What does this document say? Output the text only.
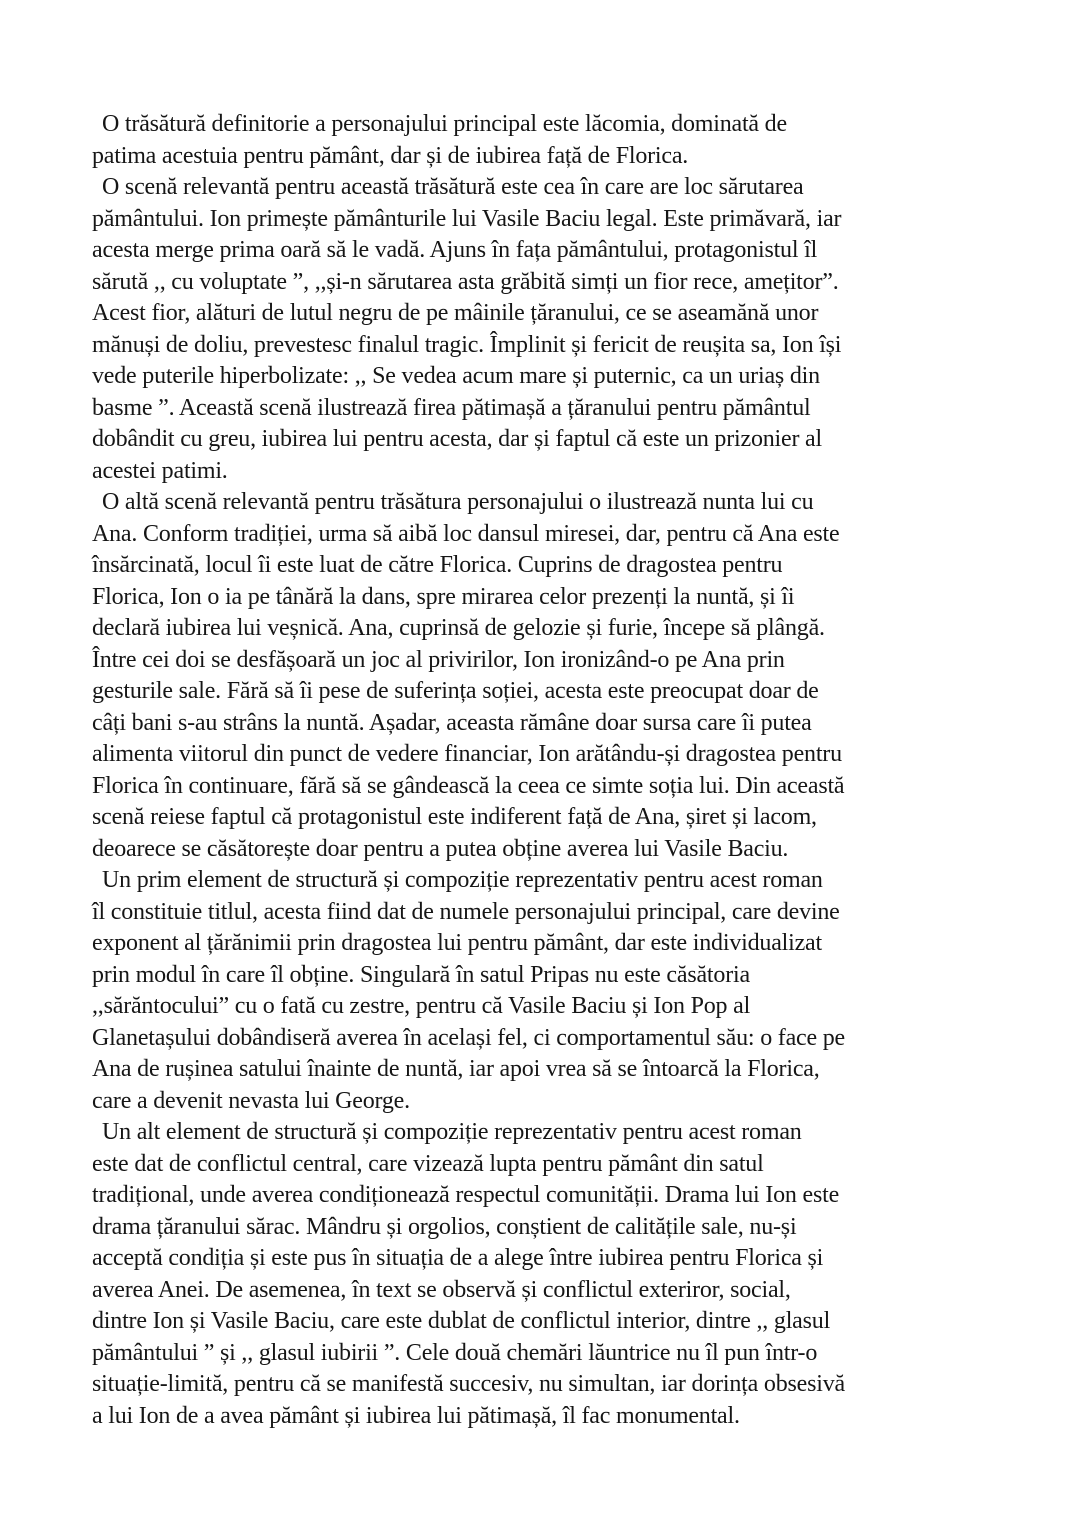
O trăsătură definitorie a personajului principal este lăcomia, dominată de
patima acestuia pentru pământ, dar și de iubirea față de Florica.

O scenă relevantă pentru această trăsătură este cea în care are loc sărutarea
pământului. Ion primește pământurile lui Vasile Baciu legal. Este primăvară, iar
acesta merge prima oară să le vadă. Ajuns în fața pământului, protagonistul îl
sărută ,, cu voluptate ”, ,,și-n sărutarea asta grăbită simți un fior rece, amețitor”.
Acest fior, alături de lutul negru de pe mâinile țăranului, ce se aseamănă unor
mănuși de doliu, prevestesc finalul tragic. Împlinit și fericit de reușita sa, Ion își
vede puterile hiperbolizate: ,, Se vedea acum mare și puternic, ca un uriaș din
basme ”. Această scenă ilustrează firea pătimașă a țăranului pentru pământul
dobândit cu greu, iubirea lui pentru acesta, dar și faptul că este un prizonier al
acestei patimi.

O altă scenă relevantă pentru trăsătura personajului o ilustrează nunta lui cu
Ana. Conform tradiției, urma să aibă loc dansul miresei, dar, pentru că Ana este
însărcinată, locul îi este luat de către Florica. Cuprins de dragostea pentru
Florica, Ion o ia pe tânără la dans, spre mirarea celor prezenți la nuntă, și îi
declară iubirea lui veșnică. Ana, cuprinsă de gelozie și furie, începe să plângă.
Între cei doi se desfășoară un joc al privirilor, Ion ironizând-o pe Ana prin
gesturile sale. Fără să îi pese de suferința soției, acesta este preocupat doar de
câți bani s-au strâns la nuntă. Așadar, aceasta rămâne doar sursa care îi putea
alimenta viitorul din punct de vedere financiar, Ion arătându-și dragostea pentru
Florica în continuare, fără să se gândească la ceea ce simte soția lui. Din această
scenă reiese faptul că protagonistul este indiferent față de Ana, șiret și lacom,
deoarece se căsătorește doar pentru a putea obține averea lui Vasile Baciu.

Un prim element de structură și compoziție reprezentativ pentru acest roman
îl constituie titlul, acesta fiind dat de numele personajului principal, care devine
exponent al țărănimii prin dragostea lui pentru pământ, dar este individualizat
prin modul în care îl obține. Singulară în satul Pripas nu este căsătoria
,,sărăntocului” cu o fată cu zestre, pentru că Vasile Baciu și Ion Pop al
Glanetașului dobândiseră averea în același fel, ci comportamentul său: o face pe
Ana de rușinea satului înainte de nuntă, iar apoi vrea să se întoarcă la Florica,
care a devenit nevasta lui George.

Un alt element de structură și compoziție reprezentativ pentru acest roman
este dat de conflictul central, care vizează lupta pentru pământ din satul
tradițional, unde averea condiționează respectul comunității. Drama lui Ion este
drama țăranului sărac. Mândru și orgolios, conștient de calitățile sale, nu-și
acceptă condiția și este pus în situația de a alege între iubirea pentru Florica și
averea Anei. De asemenea, în text se observă și conflictul exteriror, social,
dintre Ion și Vasile Baciu, care este dublat de conflictul interior, dintre ,, glasul
pământului ” și ,, glasul iubirii ”. Cele două chemări lăuntrice nu îl pun într-o
situație-limită, pentru că se manifestă succesiv, nu simultan, iar dorința obsesivă
a lui Ion de a avea pământ și iubirea lui pătimașă, îl fac monumental.
